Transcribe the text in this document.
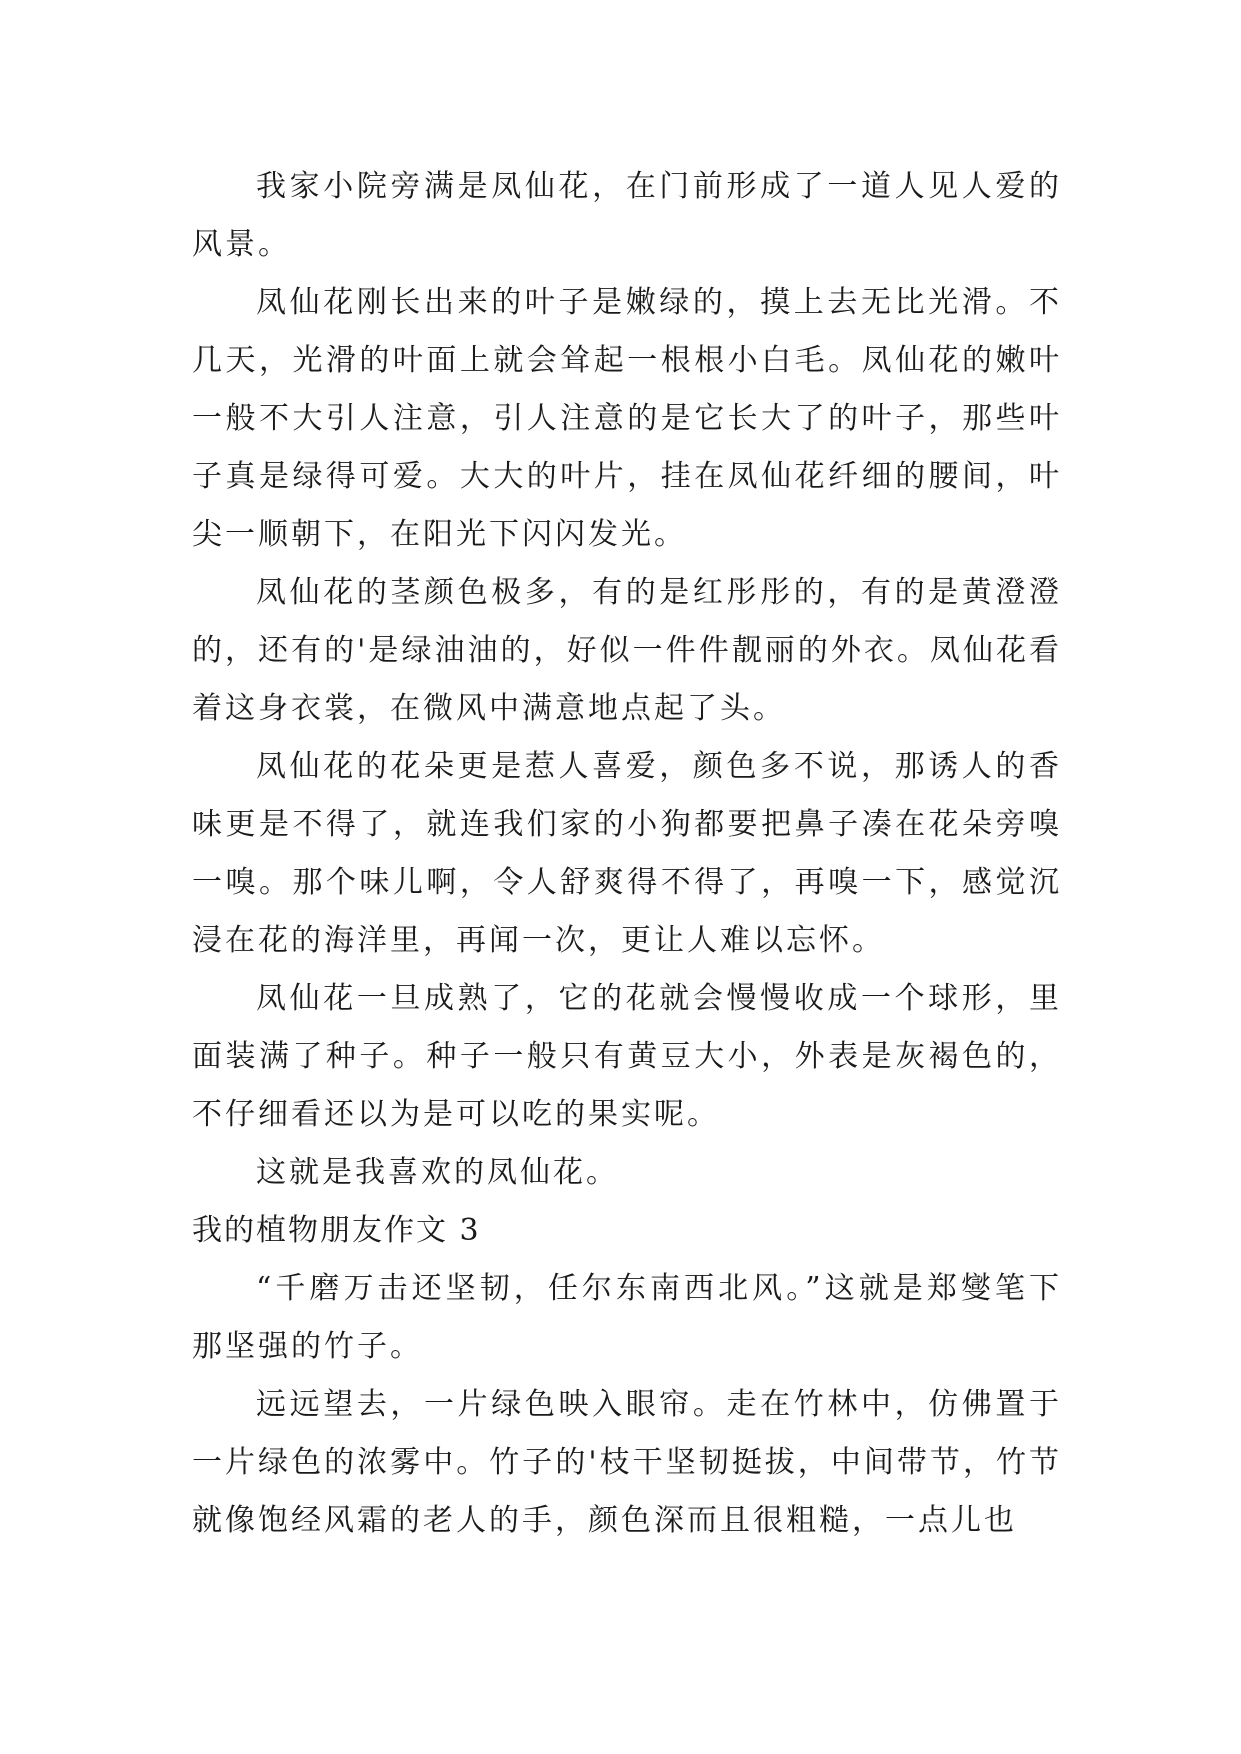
我家小院旁满是凤仙花，在门前形成了一道人见人爱的风景。

凤仙花刚长出来的叶子是嫩绿的，摸上去无比光滑。不几天，光滑的叶面上就会耸起一根根小白毛。凤仙花的嫩叶一般不大引人注意，引人注意的是它长大了的叶子，那些叶子真是绿得可爱。大大的叶片，挂在凤仙花纤细的腰间，叶尖一顺朝下，在阳光下闪闪发光。

凤仙花的茎颜色极多，有的是红彤彤的，有的是黄澄澄的，还有的'是绿油油的，好似一件件靓丽的外衣。凤仙花看着这身衣裳，在微风中满意地点起了头。

凤仙花的花朵更是惹人喜爱，颜色多不说，那诱人的香味更是不得了，就连我们家的小狗都要把鼻子凑在花朵旁嗅一嗅。那个味儿啊，令人舒爽得不得了，再嗅一下，感觉沉浸在花的海洋里，再闻一次，更让人难以忘怀。

凤仙花一旦成熟了，它的花就会慢慢收成一个球形，里面装满了种子。种子一般只有黄豆大小，外表是灰褐色的，不仔细看还以为是可以吃的果实呢。

这就是我喜欢的凤仙花。

我的植物朋友作文 3

“千磨万击还坚韧，任尔东南西北风。”这就是郑燮笔下那坚强的竹子。

远远望去，一片绿色映入眼帘。走在竹林中，仿佛置于一片绿色的浓雾中。竹子的'枝干坚韧挺拔，中间带节，竹节就像饱经风霜的老人的手，颜色深而且很粗糙，一点儿也
